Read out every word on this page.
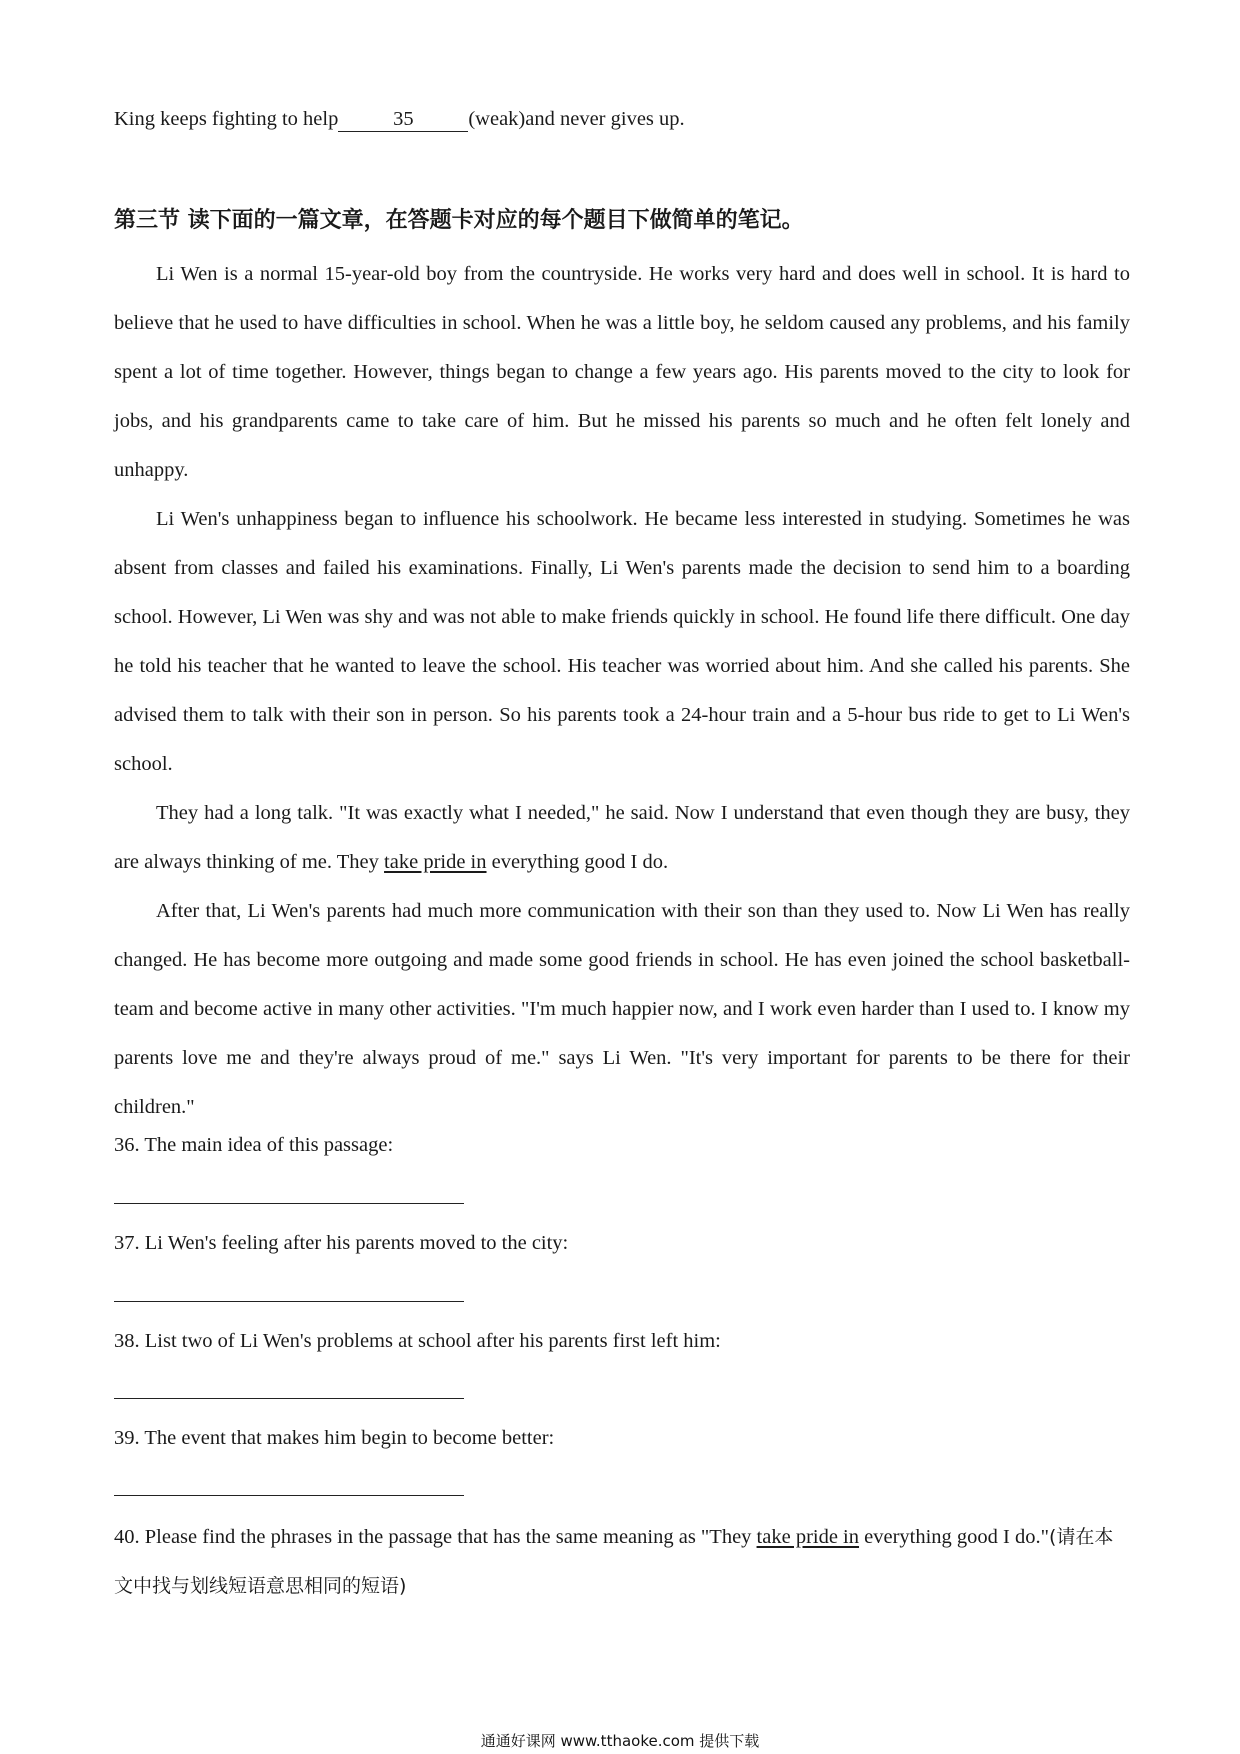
King keeps fighting to help	35	(weak)and never gives up.
第三节 读下面的一篇文章，在答题卡对应的每个题目下做简单的笔记。

Li Wen is a normal 15-year-old boy from the countryside. He works very hard and does well in school. It is hard to believe that he used to have difficulties in school. When he was a little boy, he seldom caused any problems, and his family spent a lot of time together. However, things began to change a few years ago. His parents moved to the city to look for jobs, and his grandparents came to take care of him. But he missed his parents so much and he often felt lonely and unhappy.

Li Wen's unhappiness began to influence his schoolwork. He became less interested in studying. Sometimes he was absent from classes and failed his examinations. Finally, Li Wen's parents made the decision to send him to a boarding school. However, Li Wen was shy and was not able to make friends quickly in school. He found life there difficult. One day he told his teacher that he wanted to leave the school. His teacher was worried about him. And she called his parents. She advised them to talk with their son in person. So his parents took a 24-hour train and a 5-hour bus ride to get to Li Wen's school.

They had a long talk. "It was exactly what I needed," he said. Now I understand that even though they are busy, they are always thinking of me. They take pride in everything good I do.

After that, Li Wen's parents had much more communication with their son than they used to. Now Li Wen has really changed. He has become more outgoing and made some good friends in school. He has even joined the school basketball-team and become active in many other activities. "I'm much happier now, and I work even harder than I used to. I know my parents love me and they're always proud of me." says Li Wen. "It's very important for parents to be there for their children."

36. The main idea of this passage:
37. Li Wen's feeling after his parents moved to the city:
38. List two of Li Wen's problems at school after his parents first left him:
39. The event that makes him begin to become better:
40. Please find the phrases in the passage that has the same meaning as "They take pride in everything good I do."(请在本文中找与划线短语意思相同的短语)
通通好课网 www.tthaoke.com 提供下载
